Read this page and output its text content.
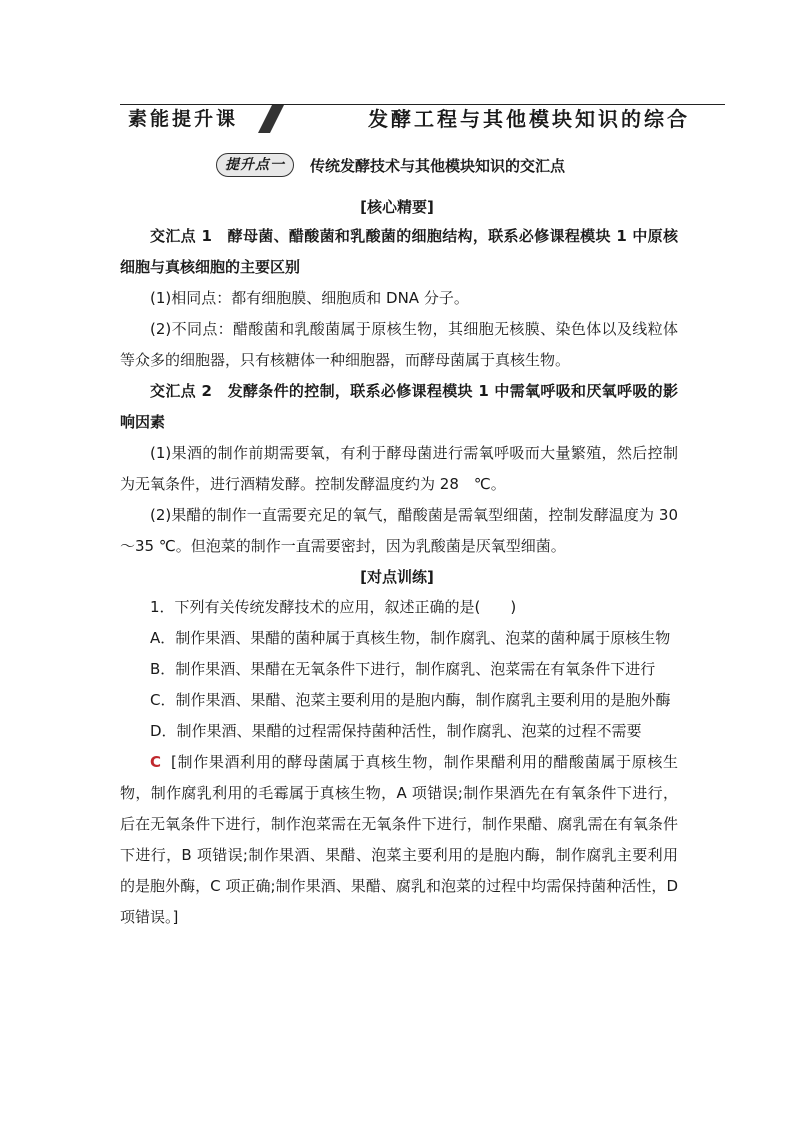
素能提升课	发酵工程与其他模块知识的综合
提升点一	传统发酵技术与其他模块知识的交汇点
[核心精要]

交汇点 1　酵母菌、醋酸菌和乳酸菌的细胞结构，联系必修课程模块 1 中原核细胞与真核细胞的主要区别

(1)相同点：都有细胞膜、细胞质和 DNA 分子。

(2)不同点：醋酸菌和乳酸菌属于原核生物，其细胞无核膜、染色体以及线粒体等众多的细胞器，只有核糖体一种细胞器，而酵母菌属于真核生物。

交汇点 2　发酵条件的控制，联系必修课程模块 1 中需氧呼吸和厌氧呼吸的影响因素

(1)果酒的制作前期需要氧，有利于酵母菌进行需氧呼吸而大量繁殖，然后控制为无氧条件，进行酒精发酵。控制发酵温度约为 28　℃。

(2)果醋的制作一直需要充足的氧气，醋酸菌是需氧型细菌，控制发酵温度为 30～35 ℃。但泡菜的制作一直需要密封，因为乳酸菌是厌氧型细菌。

[对点训练]

1．下列有关传统发酵技术的应用，叙述正确的是(　　)

A．制作果酒、果醋的菌种属于真核生物，制作腐乳、泡菜的菌种属于原核生物

B．制作果酒、果醋在无氧条件下进行，制作腐乳、泡菜需在有氧条件下进行

C．制作果酒、果醋、泡菜主要利用的是胞内酶，制作腐乳主要利用的是胞外酶

D．制作果酒、果醋的过程需保持菌种活性，制作腐乳、泡菜的过程不需要

C [制作果酒利用的酵母菌属于真核生物，制作果醋利用的醋酸菌属于原核生物，制作腐乳利用的毛霉属于真核生物，A 项错误;制作果酒先在有氧条件下进行，后在无氧条件下进行，制作泡菜需在无氧条件下进行，制作果醋、腐乳需在有氧条件下进行，B 项错误;制作果酒、果醋、泡菜主要利用的是胞内酶，制作腐乳主要利用的是胞外酶，C 项正确;制作果酒、果醋、腐乳和泡菜的过程中均需保持菌种活性，D 项错误。]
